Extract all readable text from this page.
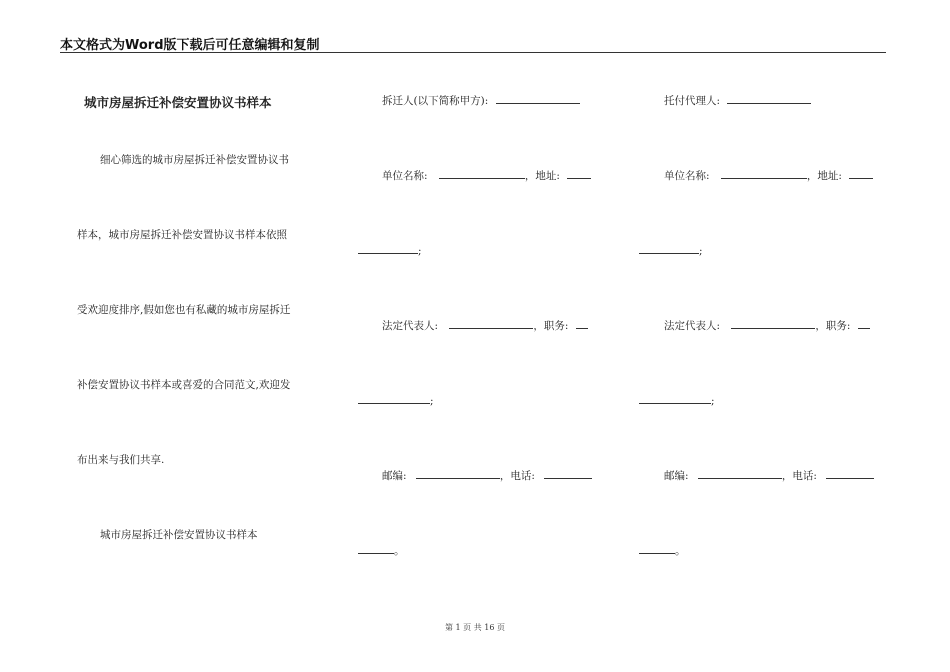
本文格式为Word版下载后可任意编辑和复制
城市房屋拆迁补偿安置协议书样本
细心筛选的城市房屋拆迁补偿安置协议书
样本，城市房屋拆迁补偿安置协议书样本依照
受欢迎度排序,假如您也有私藏的城市房屋拆迁
补偿安置协议书样本或喜爱的合同范文,欢迎发
布出来与我们共享.
城市房屋拆迁补偿安置协议书样本
拆迁人(以下简称甲方):
单位名称:	，地址:
;
法定代表人:	，职务:
;
邮编:	，电话:
。
托付代理人:
单位名称:	，地址:
;
法定代表人:	，职务:
;
邮编:	，电话:
。
第 1 页 共 16 页
